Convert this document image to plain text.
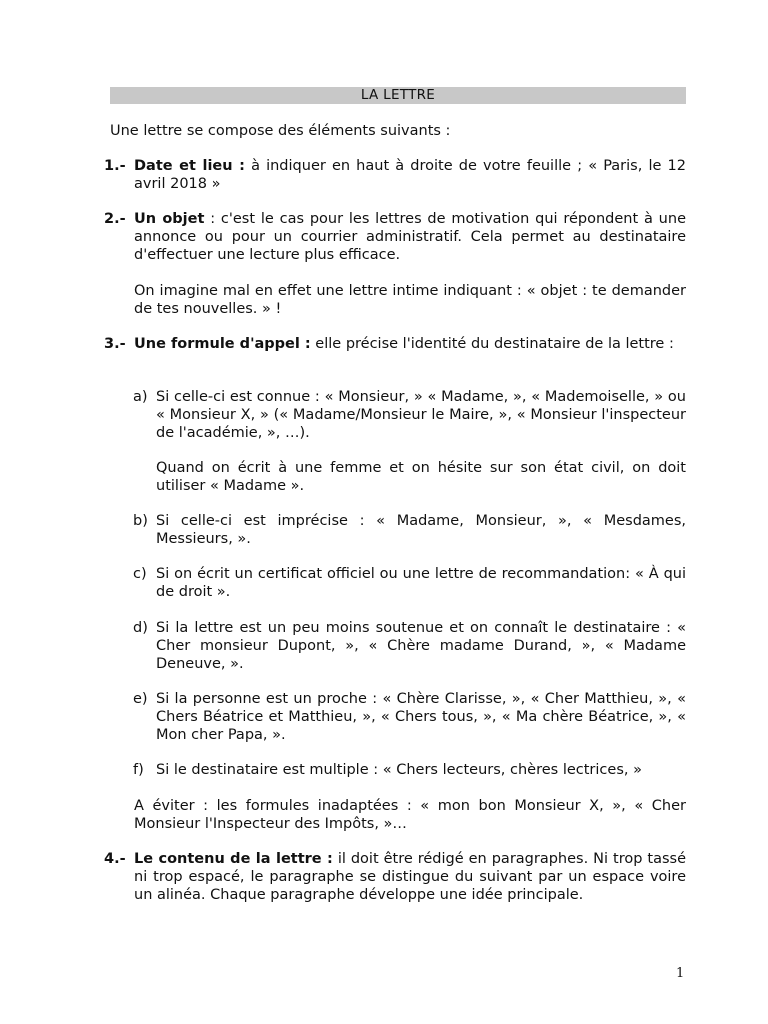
LA LETTRE
Une lettre se compose des éléments suivants :
1.- Date et lieu : à indiquer en haut à droite de votre feuille ; « Paris, le 12 avril 2018 »
2.- Un objet : c'est le cas pour les lettres de motivation qui répondent à une annonce ou pour un courrier administratif. Cela permet au destinataire d'effectuer une lecture plus efficace.
On imagine mal en effet une lettre intime indiquant : « objet : te demander de tes nouvelles. » !
3.- Une formule d'appel : elle précise l'identité du destinataire de la lettre :
a) Si celle-ci est connue : « Monsieur, » « Madame, », « Mademoiselle, » ou « Monsieur X, » (« Madame/Monsieur le Maire, », « Monsieur l'inspecteur de l'académie, », …).
Quand on écrit à une femme et on hésite sur son état civil, on doit utiliser « Madame ».
b) Si celle-ci est imprécise : « Madame, Monsieur, », « Mesdames, Messieurs, ».
c) Si on écrit un certificat officiel ou une lettre de recommandation: « À qui de droit ».
d) Si la lettre est un peu moins soutenue et on connaît le destinataire : « Cher monsieur Dupont, », « Chère madame Durand, », « Madame Deneuve, ».
e) Si la personne est un proche : « Chère Clarisse, », « Cher Matthieu, », « Chers Béatrice et Matthieu, », « Chers tous, », « Ma chère Béatrice, », « Mon cher Papa, ».
f) Si le destinataire est multiple : « Chers lecteurs, chères lectrices, »
A éviter : les formules inadaptées : « mon bon Monsieur X, », « Cher Monsieur l'Inspecteur des Impôts, »…
4.- Le contenu de la lettre : il doit être rédigé en paragraphes. Ni trop tassé ni trop espacé, le paragraphe se distingue du suivant par un espace voire un alinéa. Chaque paragraphe développe une idée principale.
1
